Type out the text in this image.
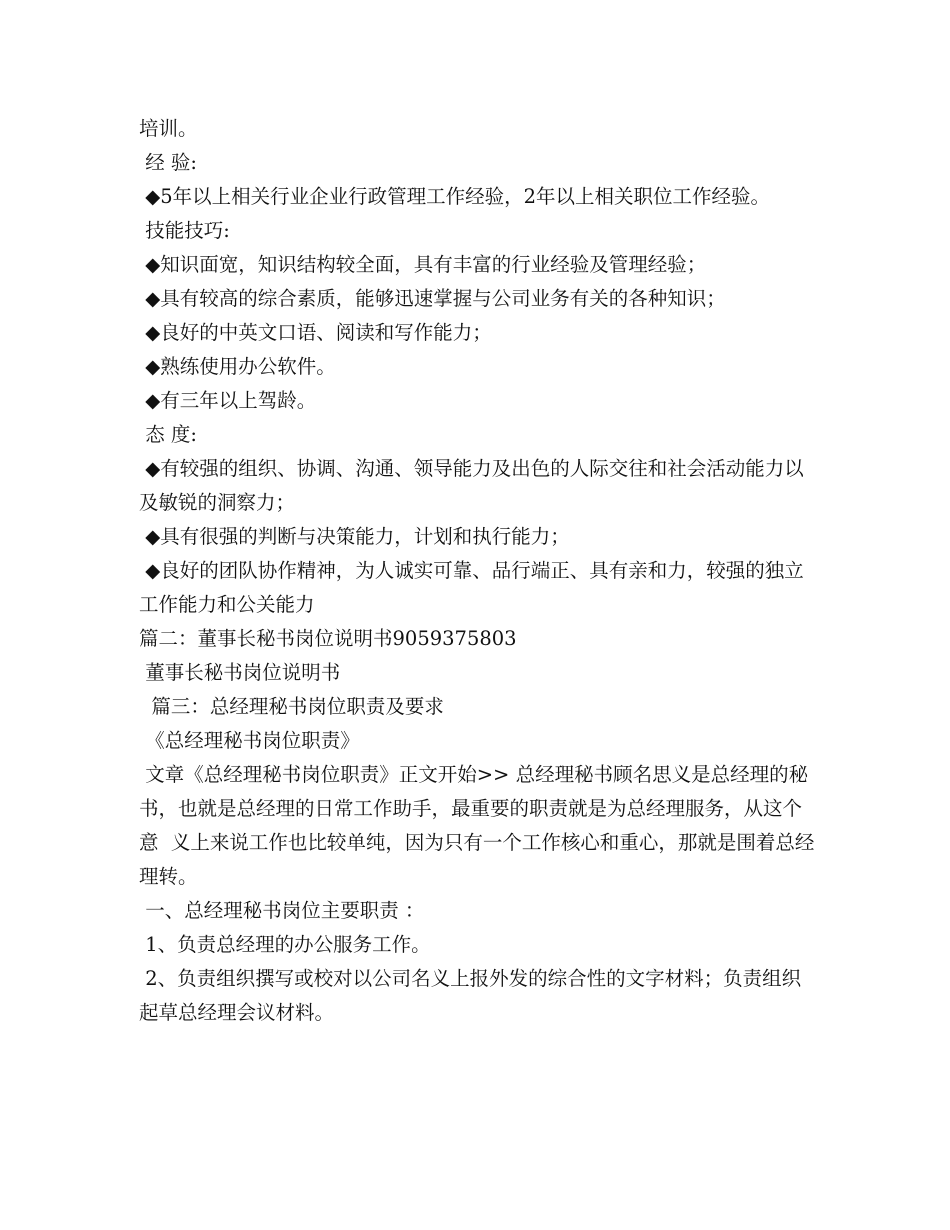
培训。

经 验:

◆5年以上相关行业企业行政管理工作经验，2年以上相关职位工作经验。

技能技巧:

◆知识面宽，知识结构较全面，具有丰富的行业经验及管理经验；

◆具有较高的综合素质，能够迅速掌握与公司业务有关的各种知识；

◆良好的中英文口语、阅读和写作能力；

◆熟练使用办公软件。

◆有三年以上驾龄。

态 度:

◆有较强的组织、协调、沟通、领导能力及出色的人际交往和社会活动能力以及敏锐的洞察力；

◆具有很强的判断与决策能力，计划和执行能力；

◆良好的团队协作精神，为人诚实可靠、品行端正、具有亲和力，较强的独立工作能力和公关能力

篇二：董事长秘书岗位说明书9059375803

董事长秘书岗位说明书

篇三：总经理秘书岗位职责及要求

《总经理秘书岗位职责》

文章《总经理秘书岗位职责》正文开始>> 总经理秘书顾名思义是总经理的秘书，也就是总经理的日常工作助手，最重要的职责就是为总经理服务，从这个意  义上来说工作也比较单纯，因为只有一个工作核心和重心，那就是围着总经理转。

一、总经理秘书岗位主要职责 ：

1、负责总经理的办公服务工作。

2、负责组织撰写或校对以公司名义上报外发的综合性的文字材料；负责组织起草总经理会议材料。
